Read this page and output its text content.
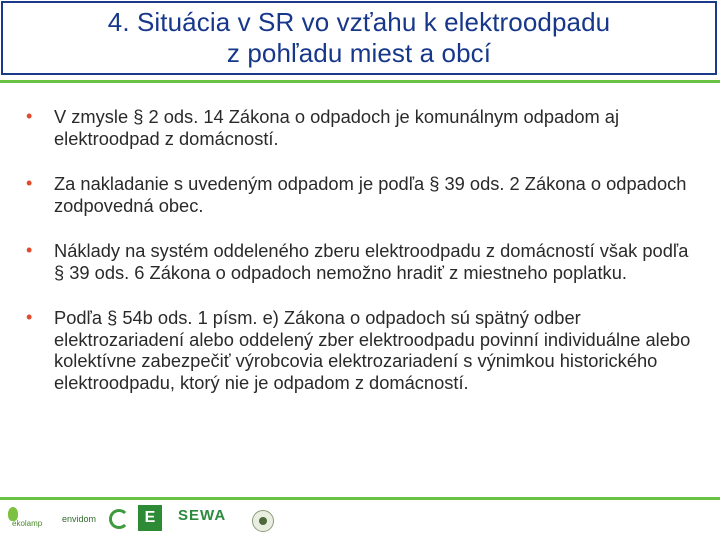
4. Situácia v SR vo vzťahu k elektroodpadu
z pohľadu miest a obcí
• V zmysle § 2 ods. 14 Zákona o odpadoch je komunálnym odpadom aj elektroodpad z domácností.
• Za nakladanie s uvedeným odpadom je podľa § 39 ods. 2 Zákona o odpadoch zodpovedná obec.
• Náklady na systém oddeleného zberu elektroodpadu z domácností však podľa § 39 ods. 6 Zákona o odpadoch nemožno hradiť z miestneho poplatku.
• Podľa § 54b ods. 1 písm. e) Zákona o odpadoch sú spätný odber elektrozariadení alebo oddelený zber elektroodpadu povinní individuálne alebo kolektívne zabezpečiť výrobcovia elektrozariadení s výnimkou historického elektroodpadu, ktorý nie je odpadom z domácností.
ekolamp envidom	E	SEWA
